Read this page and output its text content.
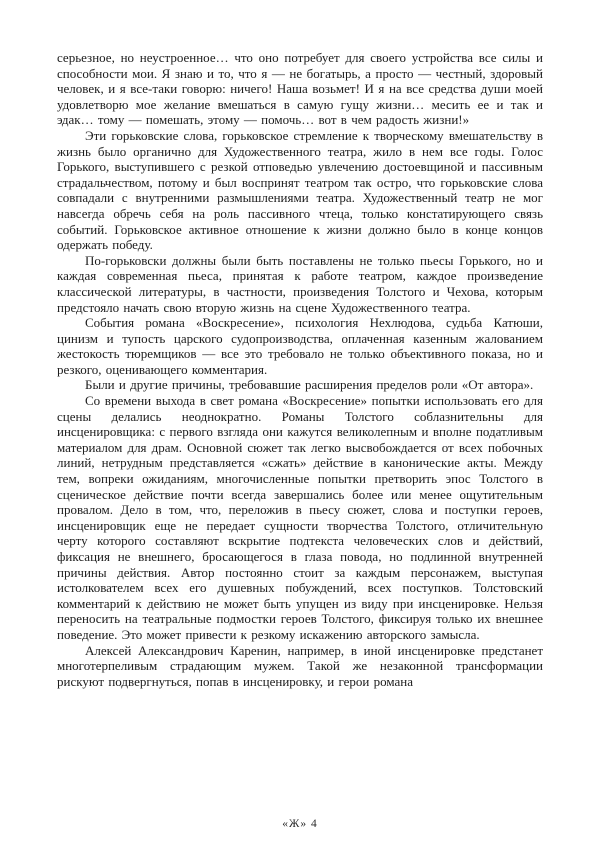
серьезное, но неустроенное… что оно потребует для своего устройства все силы и способности мои. Я знаю и то, что я — не богатырь, а просто — честный, здоровый человек, и я все-таки говорю: ничего! Наша возьмет! И я на все средства души моей удовлетворю мое желание вмешаться в самую гущу жизни… месить ее и так и эдак… тому — помешать, этому — помочь… вот в чем радость жизни!»

Эти горьковские слова, горьковское стремление к творческому вмешательству в жизнь было органично для Художественного театра, жило в нем все годы. Голос Горького, выступившего с резкой отповедью увлечению достоевщиной и пассивным страдальчеством, потому и был воспринят театром так остро, что горьковские слова совпадали с внутренними размышлениями театра. Художественный театр не мог навсегда обречь себя на роль пассивного чтеца, только констатирующего связь событий. Горьковское активное отношение к жизни должно было в конце концов одержать победу.

По-горьковски должны были быть поставлены не только пьесы Горького, но и каждая современная пьеса, принятая к работе театром, каждое произведение классической литературы, в частности, произведения Толстого и Чехова, которым предстояло начать свою вторую жизнь на сцене Художественного театра.

События романа «Воскресение», психология Нехлюдова, судьба Катюши, цинизм и тупость царского судопроизводства, оплаченная казенным жалованием жестокость тюремщиков — все это требовало не только объективного показа, но и резкого, оценивающего комментария.

Были и другие причины, требовавшие расширения пределов роли «От автора».

Со времени выхода в свет романа «Воскресение» попытки использовать его для сцены делались неоднократно. Романы Толстого соблазнительны для инсценировщика: с первого взгляда они кажутся великолепным и вполне податливым материалом для драм. Основной сюжет так легко высвобождается от всех побочных линий, нетрудным представляется «сжать» действие в канонические акты. Между тем, вопреки ожиданиям, многочисленные попытки претворить эпос Толстого в сценическое действие почти всегда завершались более или менее ощутительным провалом. Дело в том, что, переложив в пьесу сюжет, слова и поступки героев, инсценировщик еще не передает сущности творчества Толстого, отличительную черту которого составляют вскрытие подтекста человеческих слов и действий, фиксация не внешнего, бросающегося в глаза повода, но подлинной внутренней причины действия. Автор постоянно стоит за каждым персонажем, выступая истолкователем всех его душевных побуждений, всех поступков. Толстовский комментарий к действию не может быть упущен из виду при инсценировке. Нельзя переносить на театральные подмостки героев Толстого, фиксируя только их внешнее поведение. Это может привести к резкому искажению авторского замысла.

Алексей Александрович Каренин, например, в иной инсценировке предстанет многотерпеливым страдающим мужем. Такой же незаконной трансформации рискуют подвергнуться, попав в инсценировку, и герои романа

«Ж» 4
